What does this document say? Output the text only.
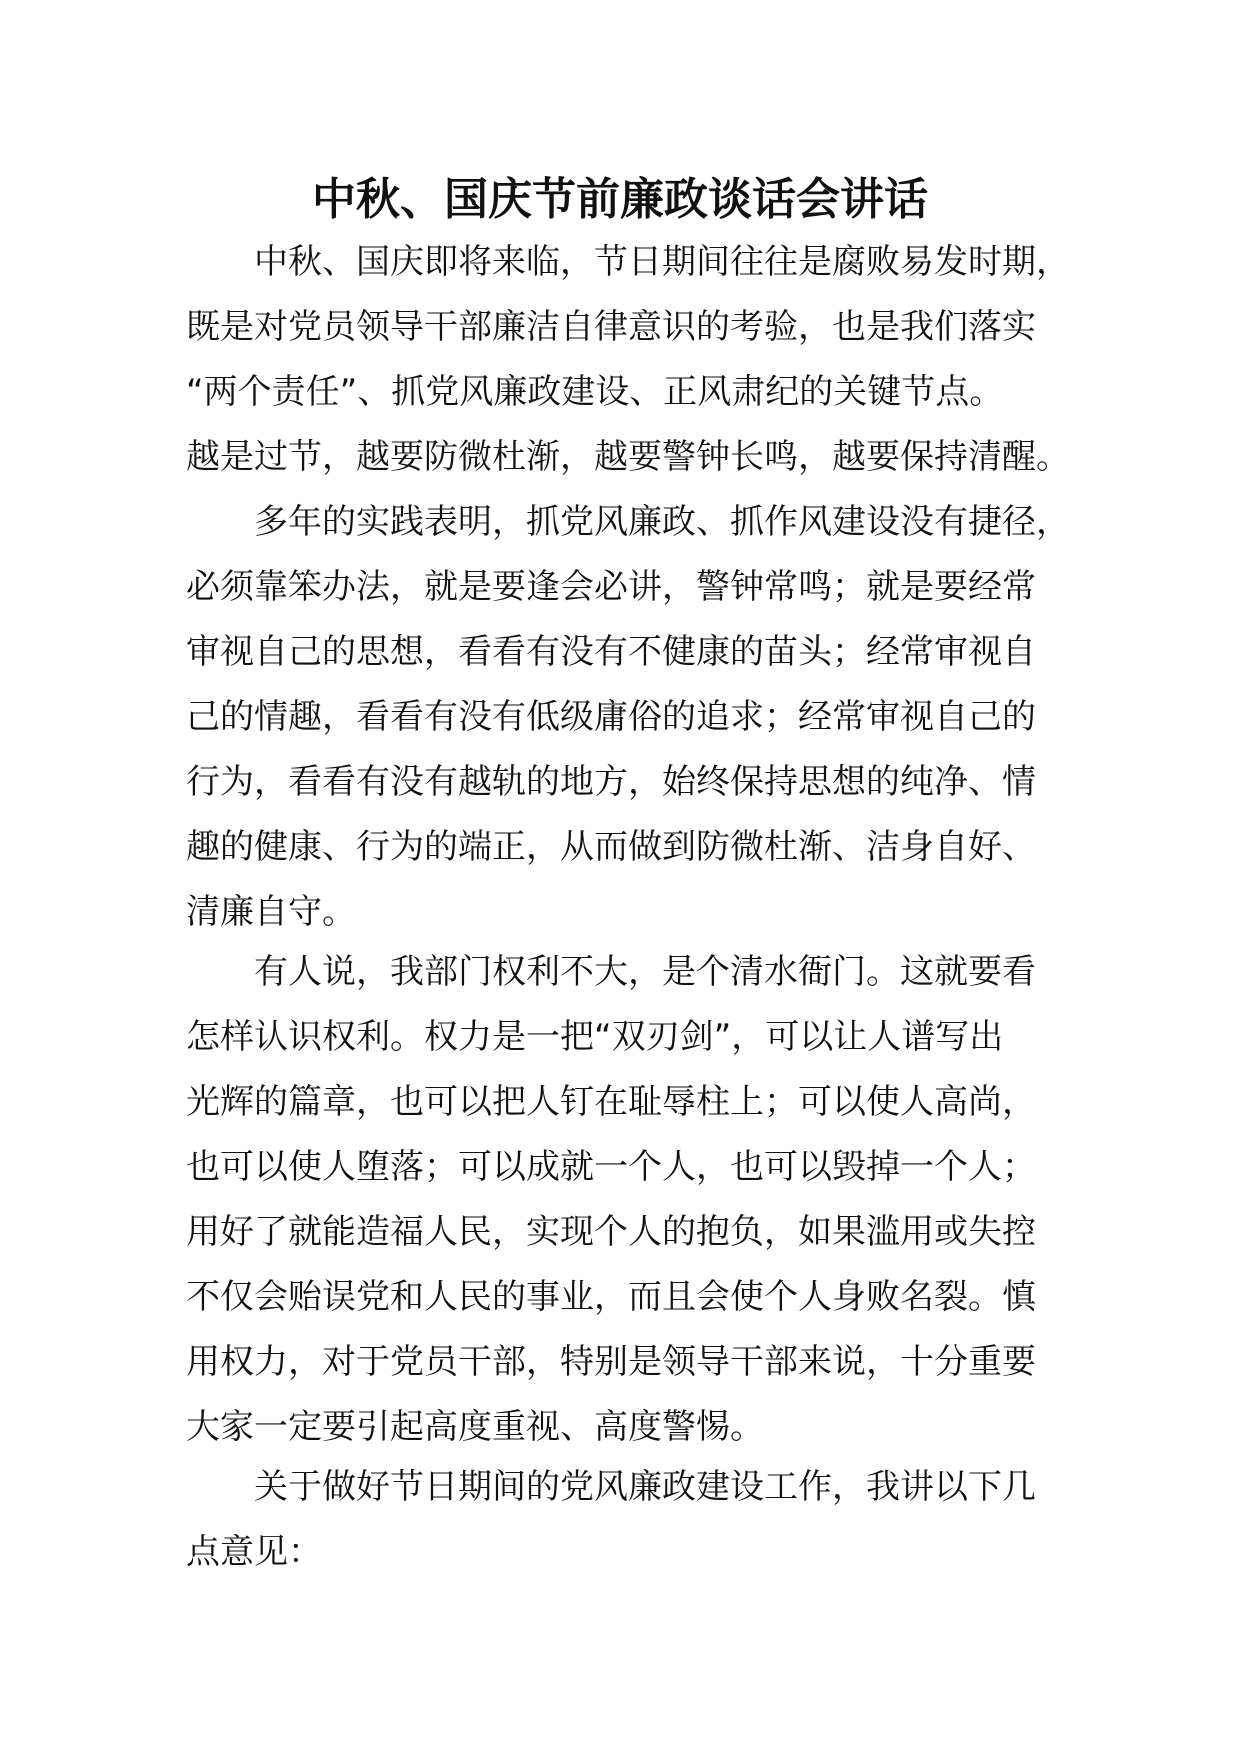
中秋、国庆节前廉政谈话会讲话
中秋、国庆即将来临，节日期间往往是腐败易发时期，
既是对党员领导干部廉洁自律意识的考验，也是我们落实
“两个责任”、抓党风廉政建设、正风肃纪的关键节点。
越是过节，越要防微杜渐，越要警钟长鸣，越要保持清醒。
多年的实践表明，抓党风廉政、抓作风建设没有捷径，
必须靠笨办法，就是要逢会必讲，警钟常鸣；就是要经常
审视自己的思想，看看有没有不健康的苗头；经常审视自
己的情趣，看看有没有低级庸俗的追求；经常审视自己的
行为，看看有没有越轨的地方，始终保持思想的纯净、情
趣的健康、行为的端正，从而做到防微杜渐、洁身自好、
清廉自守。
有人说，我部门权利不大，是个清水衙门。这就要看
怎样认识权利。权力是一把“双刃剑”，可以让人谱写出
光辉的篇章，也可以把人钉在耻辱柱上；可以使人高尚，
也可以使人堕落；可以成就一个人，也可以毁掉一个人；
用好了就能造福人民，实现个人的抱负，如果滥用或失控
不仅会贻误党和人民的事业，而且会使个人身败名裂。慎
用权力，对于党员干部，特别是领导干部来说，十分重要
大家一定要引起高度重视、高度警惕。
关于做好节日期间的党风廉政建设工作，我讲以下几
点意见：
